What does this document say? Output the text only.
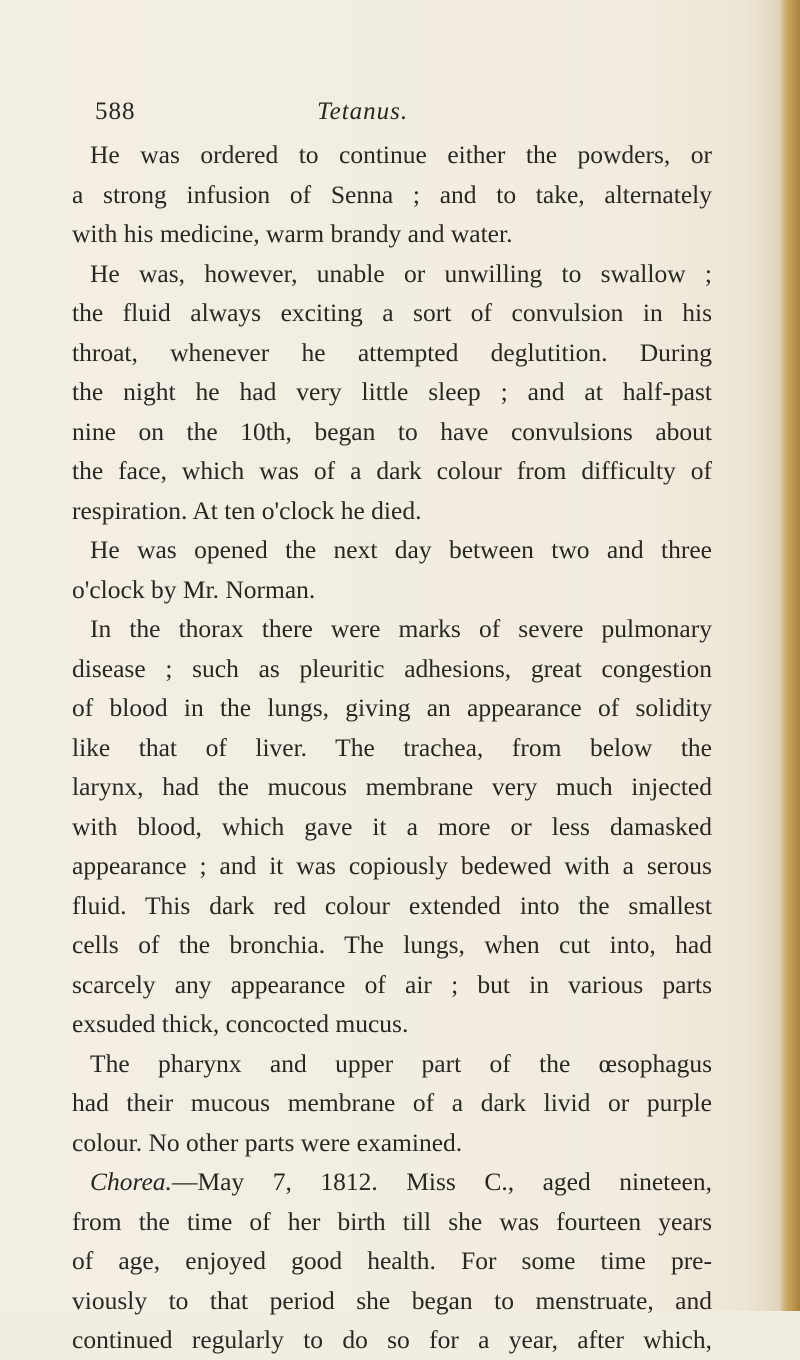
588	Tetanus.
He was ordered to continue either the powders, or
a strong infusion of Senna ; and to take, alternately
with his medicine, warm brandy and water.
He was, however, unable or unwilling to swallow ;
the fluid always exciting a sort of convulsion in his
throat, whenever he attempted deglutition. During
the night he had very little sleep ; and at half-past
nine on the 10th, began to have convulsions about
the face, which was of a dark colour from difficulty of
respiration. At ten o'clock he died.
He was opened the next day between two and three
o'clock by Mr. Norman.
In the thorax there were marks of severe pulmonary
disease ; such as pleuritic adhesions, great congestion
of blood in the lungs, giving an appearance of solidity
like that of liver. The trachea, from below the
larynx, had the mucous membrane very much injected
with blood, which gave it a more or less damasked
appearance ; and it was copiously bedewed with a serous
fluid. This dark red colour extended into the smallest
cells of the bronchia. The lungs, when cut into, had
scarcely any appearance of air ; but in various parts
exsuded thick, concocted mucus.
The pharynx and upper part of the œsophagus
had their mucous membrane of a dark livid or purple
colour. No other parts were examined.
Chorea.—May 7, 1812. Miss C., aged nineteen,
from the time of her birth till she was fourteen years
of age, enjoyed good health. For some time pre-
viously to that period she began to menstruate, and
continued regularly to do so for a year, after which,
